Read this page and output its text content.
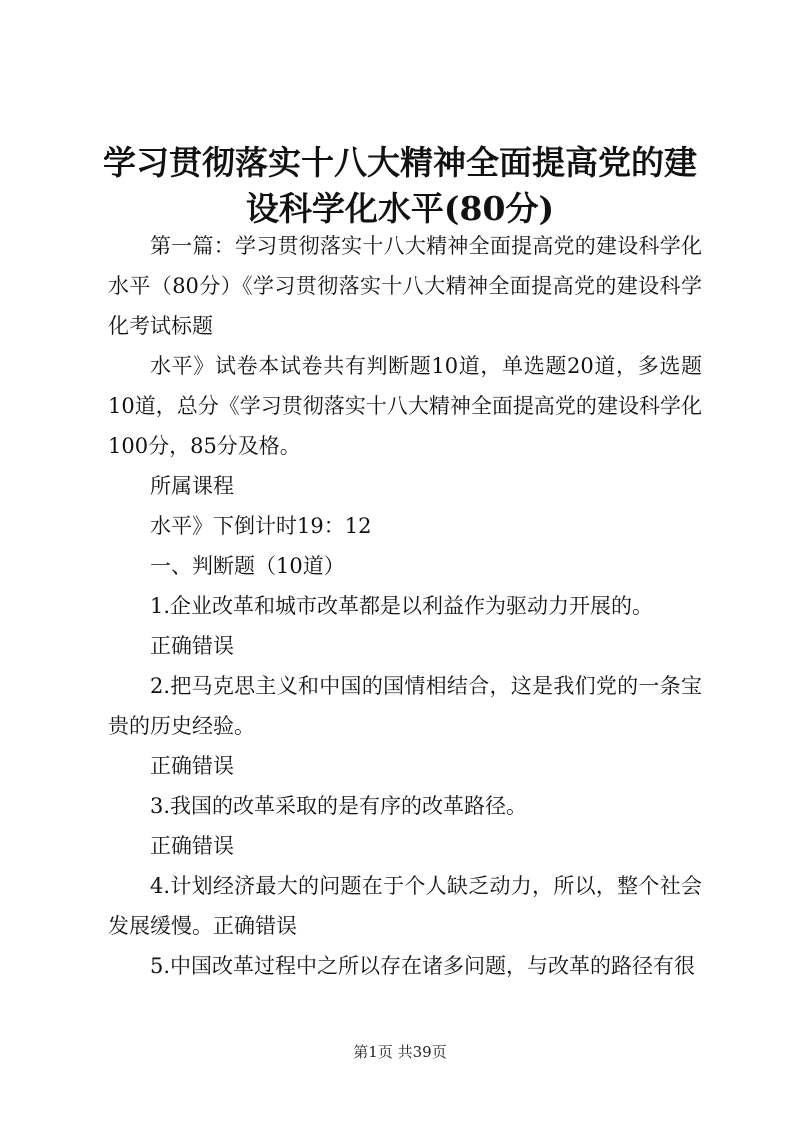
学习贯彻落实十八大精神全面提高党的建设科学化水平(80分)

第一篇：学习贯彻落实十八大精神全面提高党的建设科学化水平（80分）《学习贯彻落实十八大精神全面提高党的建设科学化考试标题

水平》试卷本试卷共有判断题10道，单选题20道，多选题10道，总分《学习贯彻落实十八大精神全面提高党的建设科学化100分，85分及格。

所属课程

水平》下倒计时19：12

一、判断题（10道）

1.企业改革和城市改革都是以利益作为驱动力开展的。

正确错误

2.把马克思主义和中国的国情相结合，这是我们党的一条宝贵的历史经验。

正确错误

3.我国的改革采取的是有序的改革路径。

正确错误

4.计划经济最大的问题在于个人缺乏动力，所以，整个社会发展缓慢。正确错误

5.中国改革过程中之所以存在诸多问题，与改革的路径有很

第1页 共39页
